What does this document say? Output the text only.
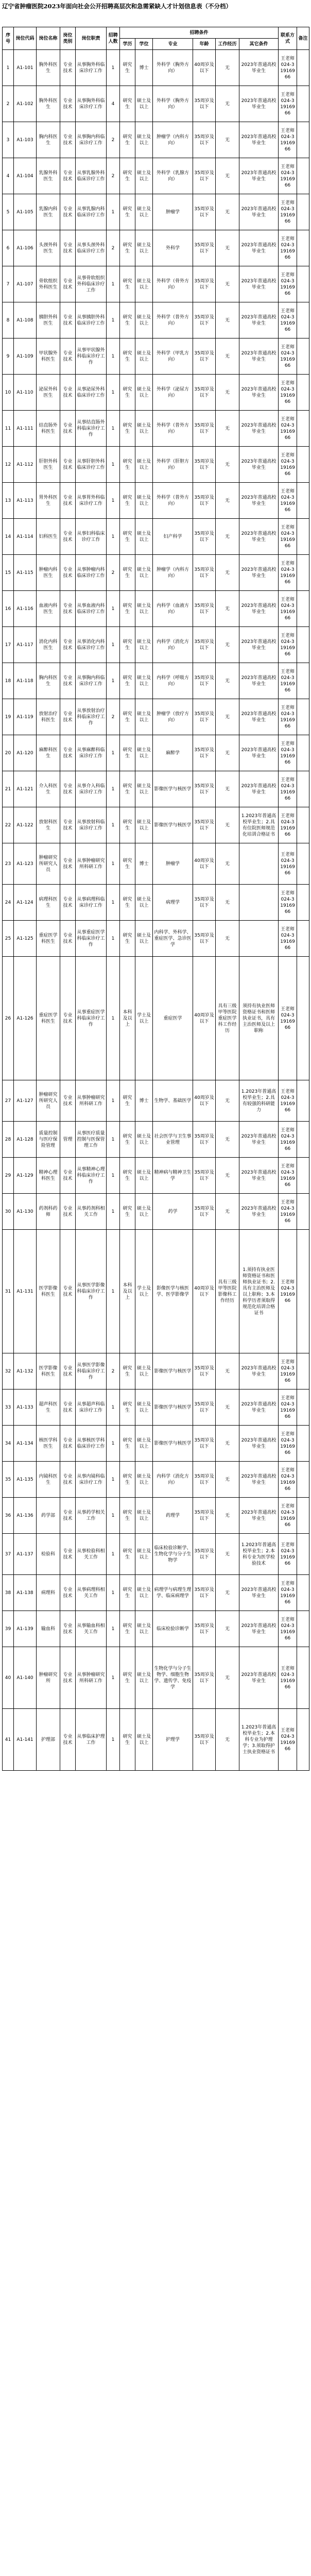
辽宁省肿瘤医院2023年面向社会公开招聘高层次和急需紧缺人才计划信息表（不分档）
序号	岗位代码	岗位名称	岗位类别	岗位职责	招聘人数	招聘条件						联系方式	备注
						学历	学位	专业	年龄	工作经历	其它条件		
1	A1-101	胸外科医生	专业技术	从事胸外科临床诊疗工作	1	研究生	博士	外科学（胸外方向）	40周岁及以下	无	2023年普通高校毕业生	王老师 024-31916966	
2	A1-102	胸外科医生	专业技术	从事胸外科临床诊疗工作	4	研究生	硕士及以上	外科学（胸外方向）	35周岁及以下	无	2023年普通高校毕业生	王老师 024-31916966	
3	A1-103	胸内科医生	专业技术	从事胸内科临床诊疗工作	2	研究生	硕士及以上	肿瘤学（内科方向）	35周岁及以下	无	2023年普通高校毕业生	王老师 024-31916966	
4	A1-104	乳腺外科医生	专业技术	从事乳腺外科临床诊疗工作	2	研究生	硕士及以上	外科学（乳腺方向）	35周岁及以下	无	2023年普通高校毕业生	王老师 024-31916966	
5	A1-105	乳腺内科医生	专业技术	从事乳腺内科临床诊疗工作	1	研究生	硕士及以上	肿瘤学	35周岁及以下	无	2023年普通高校毕业生	王老师 024-31916966	
6	A1-106	头颈外科医生	专业技术	从事头颈外科临床诊疗工作	2	研究生	硕士及以上	外科学	35周岁及以下	无	2023年普通高校毕业生	王老师 024-31916966	
7	A1-107	骨软组织外科医生	专业技术	从事骨软组织外科临床诊疗工作	1	研究生	硕士及以上	外科学（骨外方向）	35周岁及以下	无	2023年普通高校毕业生	王老师 024-31916966	
8	A1-108	胰胆外科医生	专业技术	从事胰胆外科临床诊疗工作	1	研究生	硕士及以上	外科学（普外方向）	35周岁及以下	无	2023年普通高校毕业生	王老师 024-31916966	
9	A1-109	甲状腺外科医生	专业技术	从事甲状腺外科临床诊疗工作	1	研究生	硕士及以上	外科学（甲乳方向）	35周岁及以下	无	2023年普通高校毕业生	王老师 024-31916966	
10	A1-110	泌尿外科医生	专业技术	从事泌尿外科临床诊疗工作	1	研究生	硕士及以上	外科学（泌尿方向）	35周岁及以下	无	2023年普通高校毕业生	王老师 024-31916966	
11	A1-111	结直肠外科医生	专业技术	从事结直肠外科临床诊疗工作	1	研究生	硕士及以上	外科学（普外方向）	35周岁及以下	无	2023年普通高校毕业生	王老师 024-31916966	
12	A1-112	肝胆外科医生	专业技术	从事肝胆外科临床诊疗工作	1	研究生	硕士及以上	外科学（肝胆方向）	35周岁及以下	无	2023年普通高校毕业生	王老师 024-31916966	
13	A1-113	胃外科医生	专业技术	从事胃外科临床诊疗工作	1	研究生	硕士及以上	外科学（普外方向）	35周岁及以下	无	2023年普通高校毕业生	王老师 024-31916966	
14	A1-114	妇科医生	专业技术	从事妇科临床诊疗工作	1	研究生	硕士及以上	妇产科学	35周岁及以下	无	2023年普通高校毕业生	王老师 024-31916966	
15	A1-115	肿瘤内科医生	专业技术	从事肿瘤内科临床诊疗工作	2	研究生	硕士及以上	肿瘤学（内科方向）	35周岁及以下	无	2023年普通高校毕业生	王老师 024-31916966	
16	A1-116	血液内科医生	专业技术	从事血液内科临床诊疗工作	1	研究生	硕士及以上	内科学（血液方向）	35周岁及以下	无	2023年普通高校毕业生	王老师 024-31916966	
17	A1-117	消化内科医生	专业技术	从事消化内科临床诊疗工作	1	研究生	硕士及以上	内科学（消化方向）	35周岁及以下	无	2023年普通高校毕业生	王老师 024-31916966	
18	A1-118	胸内科医生	专业技术	从事胸内科临床诊疗工作	1	研究生	硕士及以上	内科学（呼吸方向）	35周岁及以下	无	2023年普通高校毕业生	王老师 024-31916966	
19	A1-119	放射治疗科医生	专业技术	从事放射治疗科临床诊疗工作	2	研究生	硕士及以上	肿瘤学（放疗方向）	35周岁及以下	无	2023年普通高校毕业生	王老师 024-31916966	
20	A1-120	麻醉科医生	专业技术	从事麻醉科临床诊疗工作	1	研究生	硕士及以上	麻醉学	35周岁及以下	无	2023年普通高校毕业生	王老师 024-31916966	
21	A1-121	介入科医生	专业技术	从事介入科临床诊疗工作	1	研究生	硕士及以上	影像医学与核医学	35周岁及以下	无	2023年普通高校毕业生	王老师 024-31916966	
22	A1-122	放射科医生	专业技术	从事放射科临床诊疗工作	1	研究生	硕士及以上	影像医学与核医学	35周岁及以下	无	1.2023年普通高校毕业生；2.具有住院医师规范化培训合格证书	王老师 024-31916966	
23	A1-123	肿瘤研究所研究人员	专业技术	从事肿瘤研究所科研工作	1	研究生	博士	肿瘤学	40周岁及以下	无		王老师 024-31916966	
24	A1-124	病理科医生	专业技术	从事病理科临床诊疗工作	1	研究生	硕士及以上	病理学	35周岁及以下	无		王老师 024-31916966	
25	A1-125	重症医学科医生	专业技术	从事重症医学科临床诊疗工作	1	研究生	硕士及以上	内科学、外科学、重症医学、急诊医学	35周岁及以下	无		王老师 024-31916966	
26	A1-126	重症医学科医生	专业技术	从事重症医学科临床诊疗工作	1	本科及以上	学士及以上	重症医学	40周岁及以下	具有三级甲等医院重症医学科工作经历	须持有执业医师资格证书和医师执业证书，具有主治医师及以上职称	王老师 024-31916966	
27	A1-127	肿瘤研究所研究人员	专业技术	从事肿瘤研究所科研工作	1	研究生	博士	生物学、基础医学	40周岁及以下	无	1.2023年普通高校毕业生；2.具有较强的科研能力	王老师 024-31916966	
28	A1-128	质量控制与医疗保险管理	管理	从事医疗质量控制与医保管理工作	1	研究生	硕士及以上	社会医学与卫生事业管理	35周岁及以下	无	2023年普通高校毕业生	王老师 024-31916966	
29	A1-129	精神心理科医生	专业技术	从事精神心理科临床诊疗工作	1	研究生	硕士及以上	精神病与精神卫生学	35周岁及以下	无	2023年普通高校毕业生	王老师 024-31916966	
30	A1-130	药剂科药师	专业技术	从事药剂科相关工作	1	研究生	硕士及以上	药学	35周岁及以下	无	2023年普通高校毕业生	王老师 024-31916966	
31	A1-131	医学影像科医生	专业技术	从事医学影像科临床诊疗工作	1	本科及以上	学士及以上	影像医学与核医学、医学影像学	40周岁及以下	具有三级甲等医院影像科工作经历	1.须持有执业医师资格证书和医师执业证书；2.具有主治医师及以上职称；3.本科学历者须取得规范化培训合格证书	王老师 024-31916966	
32	A1-132	医学影像科医生	专业技术	从事医学影像科临床诊疗工作	2	研究生	硕士及以上	影像医学与核医学	35周岁及以下	无	2023年普通高校毕业生	王老师 024-31916966	
33	A1-133	超声科医生	专业技术	从事超声科临床诊疗工作	1	研究生	硕士及以上	影像医学与核医学	35周岁及以下	无	2023年普通高校毕业生	王老师 024-31916966	
34	A1-134	核医学科医生	专业技术	从事核医学科临床诊疗工作	1	研究生	硕士及以上	影像医学与核医学	35周岁及以下	无	2023年普通高校毕业生	王老师 024-31916966	
35	A1-135	内镜科医生	专业技术	从事内镜科临床诊疗工作	1	研究生	硕士及以上	内科学（消化方向）	35周岁及以下	无	2023年普通高校毕业生	王老师 024-31916966	
36	A1-136	药学部	专业技术	从事药学相关工作	1	研究生	硕士及以上	药理学	35周岁及以下	无	2023年普通高校毕业生	王老师 024-31916966	
37	A1-137	检验科	专业技术	从事检验科相关工作	1	研究生	硕士及以上	临床检验诊断学、生物化学与分子生物学	35周岁及以下	无	1.2023年普通高校毕业生；2.本科专业为医学检验技术	王老师 024-31916966	
38	A1-138	病理科	专业技术	从事病理科相关工作	1	研究生	硕士及以上	病理学与病理生理学、临床病理学	35周岁及以下	无	2023年普通高校毕业生	王老师 024-31916966	
39	A1-139	输血科	专业技术	从事输血科相关工作	1	研究生	硕士及以上	临床检验诊断学	35周岁及以下	无	2023年普通高校毕业生	王老师 024-31916966	
40	A1-140	肿瘤研究所	专业技术	从事肿瘤研究所科研工作	1	研究生	硕士及以上	生物化学与分子生物学、细胞生物学、遗传学、免疫学	35周岁及以下	无	2023年普通高校毕业生	王老师 024-31916966	
41	A1-141	护理部	专业技术	从事临床护理工作	1	研究生	硕士及以上	护理学	35周岁及以下	无	1.2023年普通高校毕业生；2.本科专业为护理学；3.须取得护士执业资格证书	王老师 024-31916966	
